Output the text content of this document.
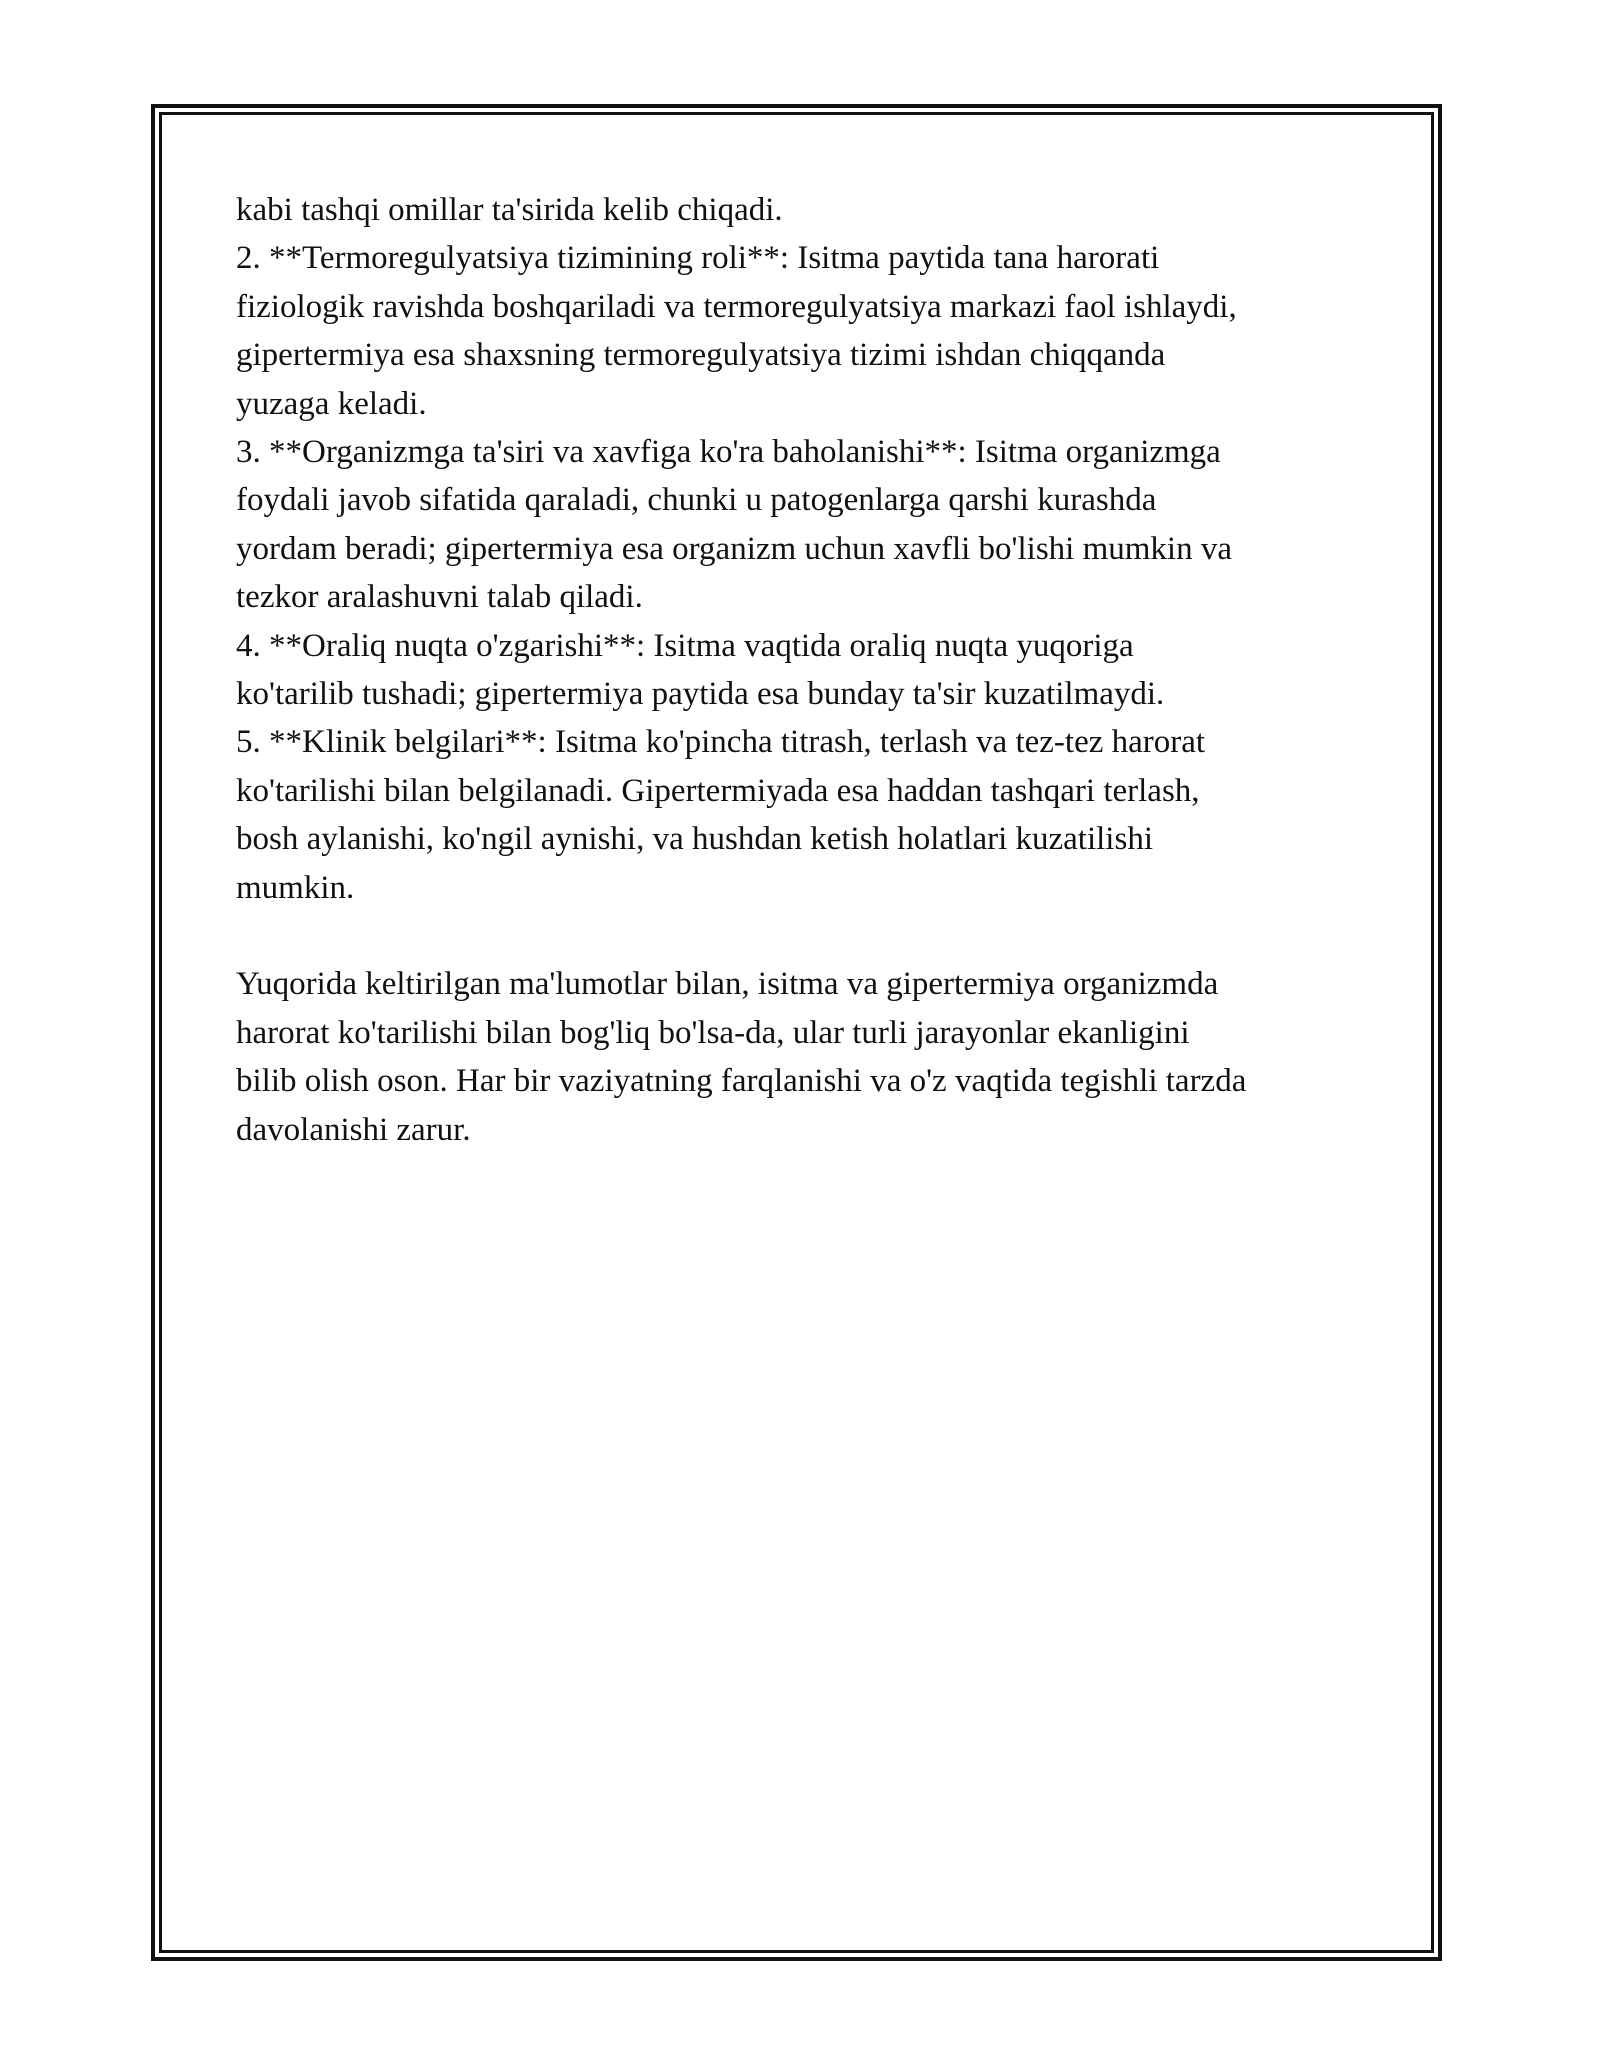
kabi tashqi omillar ta'sirida kelib chiqadi.
2. **Termoregulyatsiya tizimining roli**: Isitma paytida tana harorati
fiziologik ravishda boshqariladi va termoregulyatsiya markazi faol ishlaydi,
gipertermiya esa shaxsning termoregulyatsiya tizimi ishdan chiqqanda
yuzaga keladi.
3. **Organizmga ta'siri va xavfiga ko'ra baholanishi**: Isitma organizmga
foydali javob sifatida qaraladi, chunki u patogenlarga qarshi kurashda
yordam beradi; gipertermiya esa organizm uchun xavfli bo'lishi mumkin va
tezkor aralashuvni talab qiladi.
4. **Oraliq nuqta o'zgarishi**: Isitma vaqtida oraliq nuqta yuqoriga
ko'tarilib tushadi; gipertermiya paytida esa bunday ta'sir kuzatilmaydi.
5. **Klinik belgilari**: Isitma ko'pincha titrash, terlash va tez-tez harorat
ko'tarilishi bilan belgilanadi. Gipertermiyada esa haddan tashqari terlash,
bosh aylanishi, ko'ngil aynishi, va hushdan ketish holatlari kuzatilishi
mumkin.
Yuqorida keltirilgan ma'lumotlar bilan, isitma va gipertermiya organizmda
harorat ko'tarilishi bilan bog'liq bo'lsa-da, ular turli jarayonlar ekanligini
bilib olish oson. Har bir vaziyatning farqlanishi va o'z vaqtida tegishli tarzda
davolanishi zarur.
